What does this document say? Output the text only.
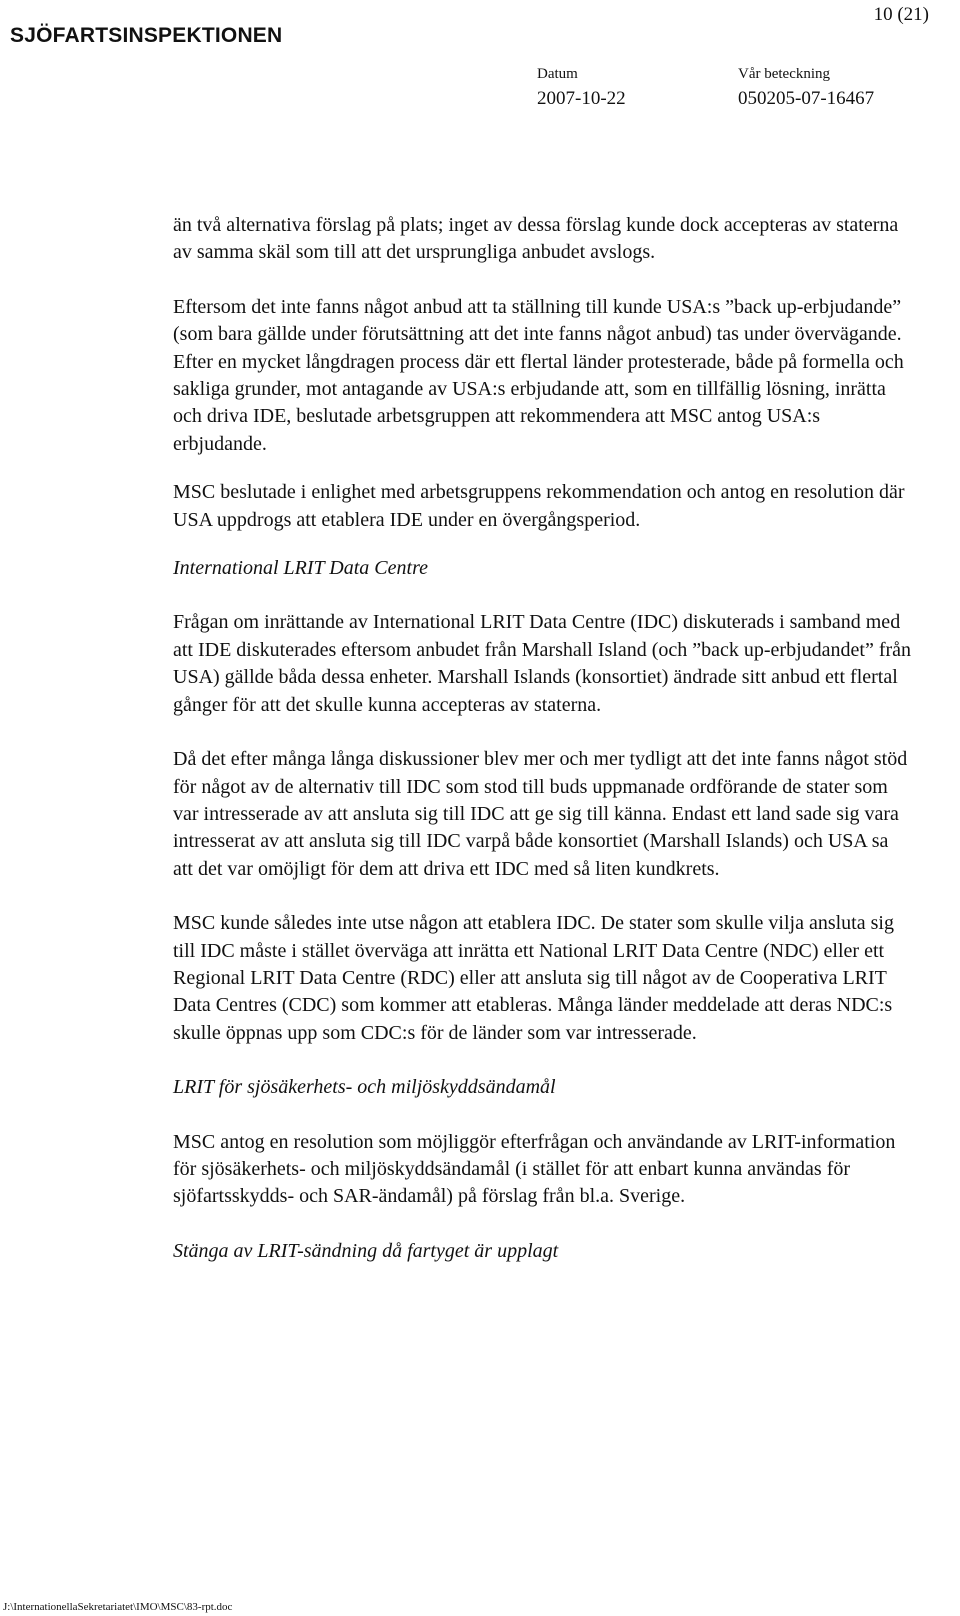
SJÖFARTSINSPEKTIONEN
10 (21)
Datum
2007-10-22
Vår beteckning
050205-07-16467

än två alternativa förslag på plats; inget av dessa förslag kunde dock accepteras av staterna av samma skäl som till att det ursprungliga anbudet avslogs.

Eftersom det inte fanns något anbud att ta ställning till kunde USA:s ”back up-erbjudande” (som bara gällde under förutsättning att det inte fanns något anbud) tas under övervägande. Efter en mycket långdragen process där ett flertal länder protesterade, både på formella och sakliga grunder, mot antagande av USA:s erbjudande att, som en tillfällig lösning, inrätta och driva IDE, beslutade arbetsgruppen att rekommendera att MSC antog USA:s erbjudande.

MSC beslutade i enlighet med arbetsgruppens rekommendation och antog en resolution där USA uppdrogs att etablera IDE under en övergångsperiod.

International LRIT Data Centre

Frågan om inrättande av International LRIT Data Centre (IDC) diskuterads i samband med att IDE diskuterades eftersom anbudet från Marshall Island (och ”back up-erbjudandet” från USA) gällde båda dessa enheter. Marshall Islands (konsortiet) ändrade sitt anbud ett flertal gånger för att det skulle kunna accepteras av staterna.

Då det efter många långa diskussioner blev mer och mer tydligt att det inte fanns något stöd för något av de alternativ till IDC som stod till buds uppmanade ordförande de stater som var intresserade av att ansluta sig till IDC att ge sig till känna. Endast ett land sade sig vara intresserat av att ansluta sig till IDC varpå både konsortiet (Marshall Islands) och USA sa att det var omöjligt för dem att driva ett IDC med så liten kundkrets.

MSC kunde således inte utse någon att etablera IDC. De stater som skulle vilja ansluta sig till IDC måste i stället överväga att inrätta ett National LRIT Data Centre (NDC) eller ett Regional LRIT Data Centre (RDC) eller att ansluta sig till något av de Cooperativa LRIT Data Centres (CDC) som kommer att etableras. Många länder meddelade att deras NDC:s skulle öppnas upp som CDC:s för de länder som var intresserade.

LRIT för sjösäkerhets- och miljöskyddsändamål

MSC antog en resolution som möjliggör efterfrågan och användande av LRIT-information för sjösäkerhets- och miljöskyddsändamål (i stället för att enbart kunna användas för sjöfartsskydds- och SAR-ändamål) på förslag från bl.a. Sverige.

Stänga av LRIT-sändning då fartyget är upplagt
J:\InternationellaSekretariatet\IMO\MSC\83-rpt.doc
